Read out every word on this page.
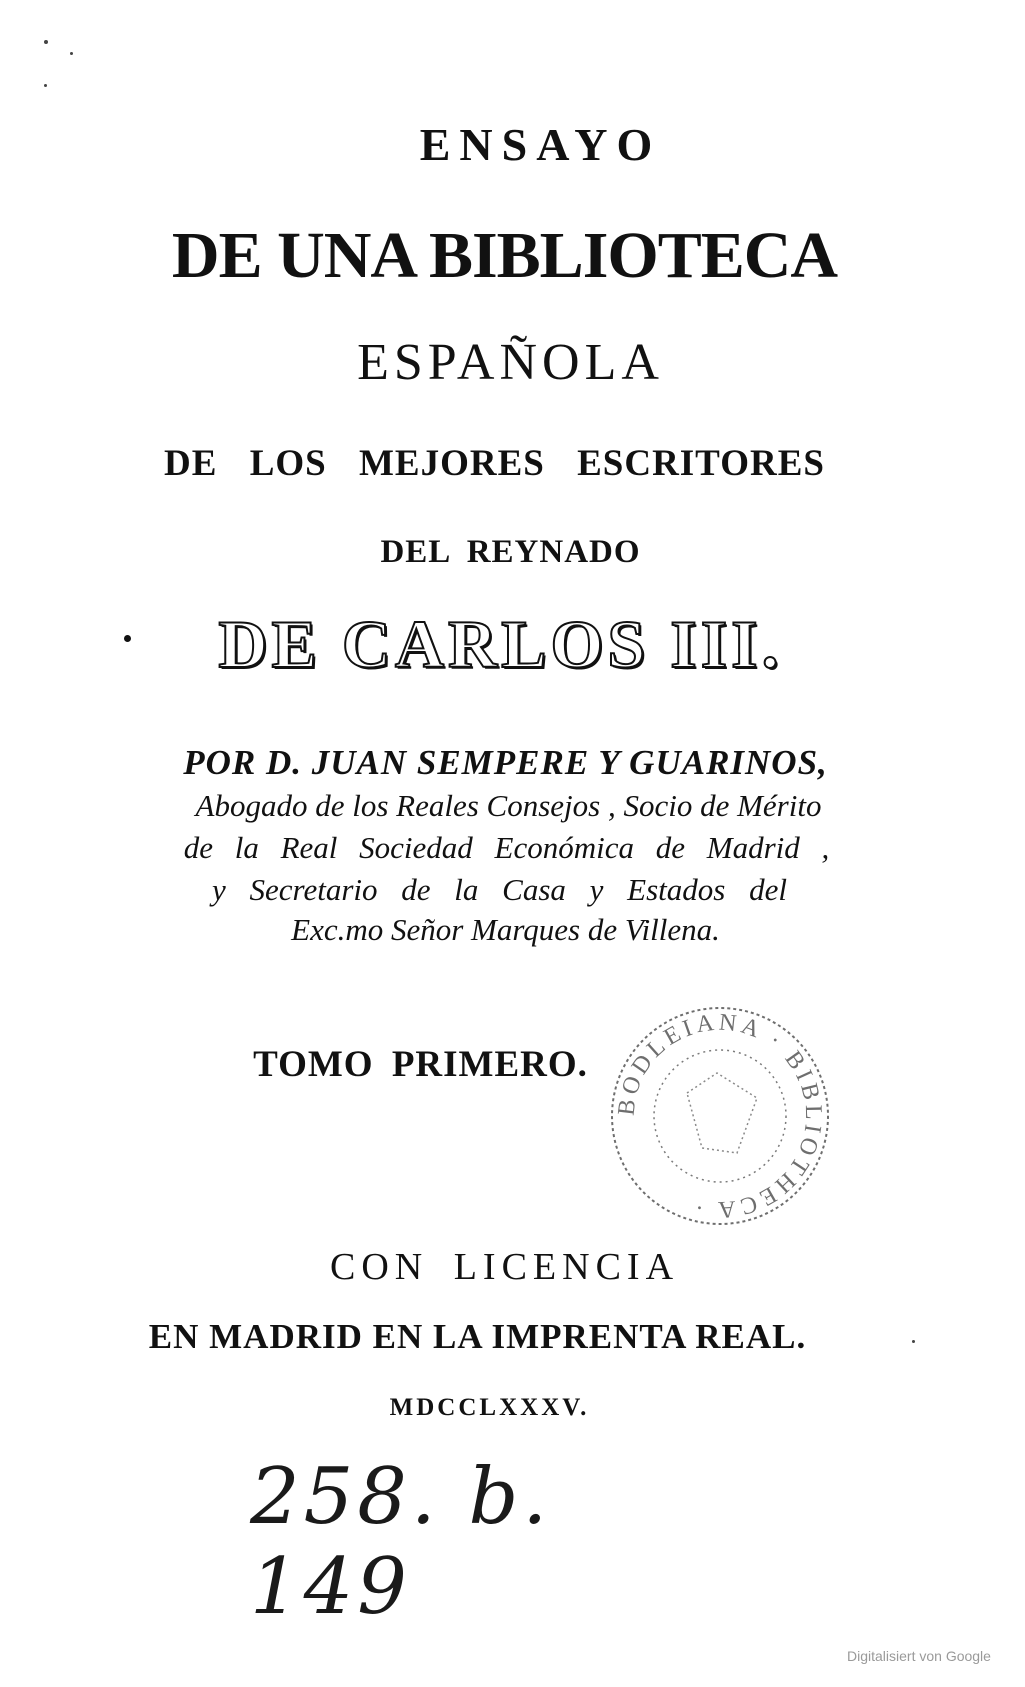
ENSAYO
DE UNA BIBLIOTECA
ESPAÑOLA
DE LOS MEJORES ESCRITORES
DEL REYNADO
DE CARLOS III.
POR D. JUAN SEMPERE Y GUARINOS,
Abogado de los Reales Consejos , Socio de Mérito
de la Real Sociedad Económica de Madrid ,
y Secretario de la Casa y Estados del
Exc.mo Señor Marques de Villena.
TOMO PRIMERO.
BODLEIANA · BIBLIOTHECA ·
CON LICENCIA
EN MADRID EN LA IMPRENTA REAL.
MDCCLXXXV.
258. b. 149
Digitalisiert von Google
